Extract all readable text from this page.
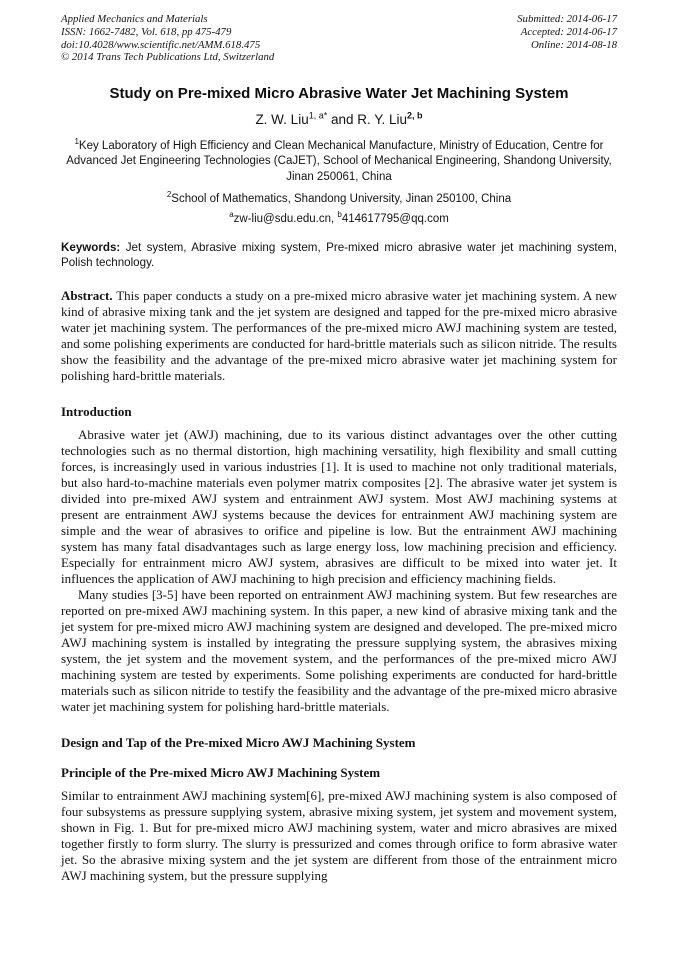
Applied Mechanics and Materials
ISSN: 1662-7482, Vol. 618, pp 475-479
doi:10.4028/www.scientific.net/AMM.618.475
© 2014 Trans Tech Publications Ltd, Switzerland
Submitted: 2014-06-17
Accepted: 2014-06-17
Online: 2014-08-18
Study on Pre-mixed Micro Abrasive Water Jet Machining System
Z. W. Liu$^{1, a*}$ and R. Y. Liu$^{2, b}$
$^1$Key Laboratory of High Efficiency and Clean Mechanical Manufacture, Ministry of Education, Centre for Advanced Jet Engineering Technologies (CaJET), School of Mechanical Engineering, Shandong University, Jinan 250061, China
$^2$School of Mathematics, Shandong University, Jinan 250100, China
$^a$zw-liu@sdu.edu.cn, $^b$414617795@qq.com

Keywords: Jet system, Abrasive mixing system, Pre-mixed micro abrasive water jet machining system, Polish technology.

Abstract. This paper conducts a study on a pre-mixed micro abrasive water jet machining system. A new kind of abrasive mixing tank and the jet system are designed and tapped for the pre-mixed micro abrasive water jet machining system. The performances of the pre-mixed micro AWJ machining system are tested, and some polishing experiments are conducted for hard-brittle materials such as silicon nitride. The results show the feasibility and the advantage of the pre-mixed micro abrasive water jet machining system for polishing hard-brittle materials.

Introduction

Abrasive water jet (AWJ) machining, due to its various distinct advantages over the other cutting technologies such as no thermal distortion, high machining versatility, high flexibility and small cutting forces, is increasingly used in various industries [1]. It is used to machine not only traditional materials, but also hard-to-machine materials even polymer matrix composites [2]. The abrasive water jet system is divided into pre-mixed AWJ system and entrainment AWJ system. Most AWJ machining systems at present are entrainment AWJ systems because the devices for entrainment AWJ machining system are simple and the wear of abrasives to orifice and pipeline is low. But the entrainment AWJ machining system has many fatal disadvantages such as large energy loss, low machining precision and efficiency. Especially for entrainment micro AWJ system, abrasives are difficult to be mixed into water jet. It influences the application of AWJ machining to high precision and efficiency machining fields.

Many studies [3-5] have been reported on entrainment AWJ machining system. But few researches are reported on pre-mixed AWJ machining system. In this paper, a new kind of abrasive mixing tank and the jet system for pre-mixed micro AWJ machining system are designed and developed. The pre-mixed micro AWJ machining system is installed by integrating the pressure supplying system, the abrasives mixing system, the jet system and the movement system, and the performances of the pre-mixed micro AWJ machining system are tested by experiments. Some polishing experiments are conducted for hard-brittle materials such as silicon nitride to testify the feasibility and the advantage of the pre-mixed micro abrasive water jet machining system for polishing hard-brittle materials.

Design and Tap of the Pre-mixed Micro AWJ Machining System
Principle of the Pre-mixed Micro AWJ Machining System

Similar to entrainment AWJ machining system[6], pre-mixed AWJ machining system is also composed of four subsystems as pressure supplying system, abrasive mixing system, jet system and movement system, shown in Fig. 1. But for pre-mixed micro AWJ machining system, water and micro abrasives are mixed together firstly to form slurry. The slurry is pressurized and comes through orifice to form abrasive water jet. So the abrasive mixing system and the jet system are different from those of the entrainment micro AWJ machining system, but the pressure supplying
